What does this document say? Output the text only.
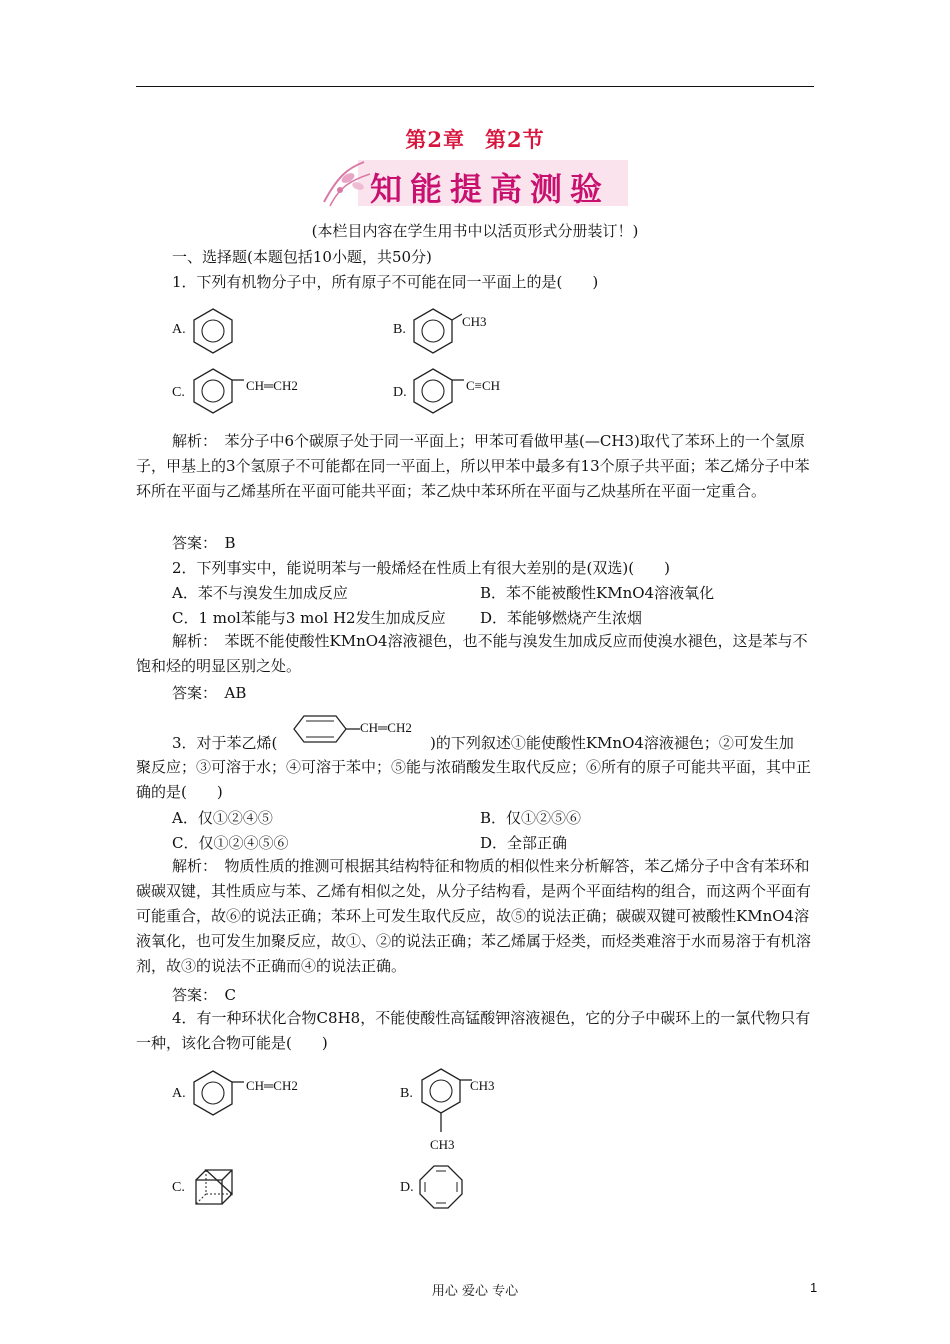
第2章 第2节
知能提高测验
(本栏目内容在学生用书中以活页形式分册装订！)
一、选择题(本题包括10小题，共50分)
1．下列有机物分子中，所有原子不可能在同一平面上的是(　　)
A.	B.
CH3
C.	CH═CH2	D.	C≡CH
解析：　苯分子中6个碳原子处于同一平面上；甲苯可看做甲基(—CH3)取代了苯环上的一个氢原子，甲基上的3个氢原子不可能都在同一平面上，所以甲苯中最多有13个原子共平面；苯乙烯分子中苯环所在平面与乙烯基所在平面可能共平面；苯乙炔中苯环所在平面与乙炔基所在平面一定重合。
答案：　B
2．下列事实中，能说明苯与一般烯烃在性质上有很大差别的是(双选)(　　)
A．苯不与溴发生加成反应	B．苯不能被酸性KMnO4溶液氧化
C．1 mol苯能与3 mol H2发生加成反应 D．苯能够燃烧产生浓烟
解析：　苯既不能使酸性KMnO4溶液褪色，也不能与溴发生加成反应而使溴水褪色，这是苯与不饱和烃的明显区别之处。
答案：　AB
3．对于苯乙烯(
CH═CH2
)的下列叙述①能使酸性KMnO4溶液褪色；②可发生加
聚反应；③可溶于水；④可溶于苯中；⑤能与浓硝酸发生取代反应；⑥所有的原子可能共平面，其中正确的是(　　)
A．仅①②④⑤	B．仅①②⑤⑥
C．仅①②④⑤⑥	D．全部正确
解析：　物质性质的推测可根据其结构特征和物质的相似性来分析解答，苯乙烯分子中含有苯环和碳碳双键，其性质应与苯、乙烯有相似之处，从分子结构看，是两个平面结构的组合，而这两个平面有可能重合，故⑥的说法正确；苯环上可发生取代反应，故⑤的说法正确；碳碳双键可被酸性KMnO4溶液氧化，也可发生加聚反应，故①、②的说法正确；苯乙烯属于烃类，而烃类难溶于水而易溶于有机溶剂，故③的说法不正确而④的说法正确。
答案：　C
4．有一种环状化合物C8H8，不能使酸性高锰酸钾溶液褪色，它的分子中碳环上的一氯代物只有一种，该化合物可能是(　　)
A.
CH═CH2
B.
CH3
CH3
C.	D.
用心 爱心 专心	1
